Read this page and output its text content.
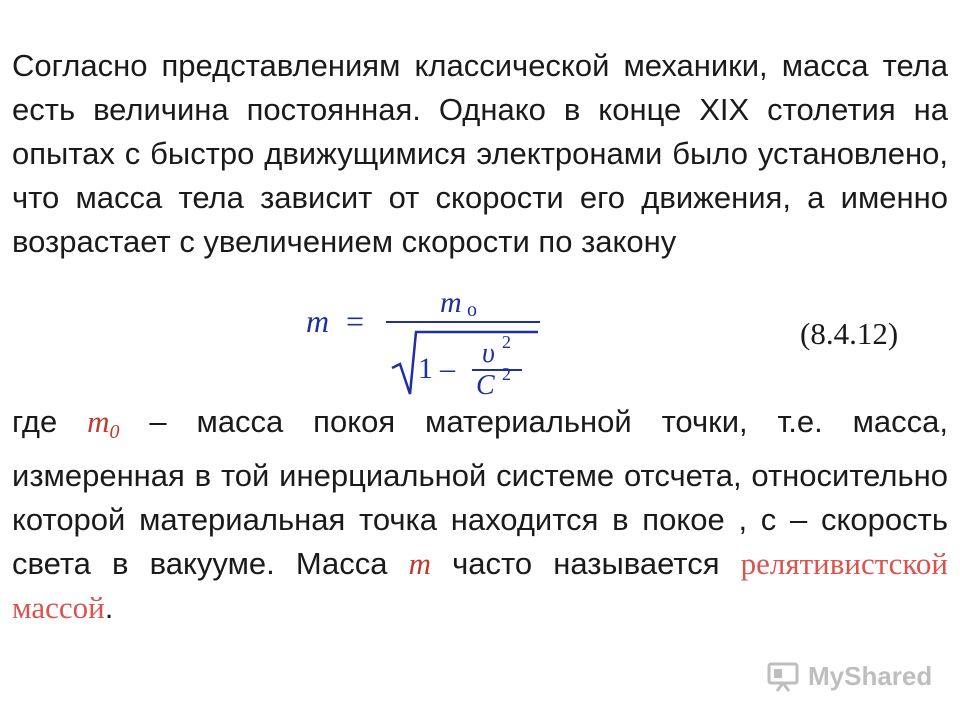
Согласно представлениям классической механики, масса тела есть величина постоянная. Однако в конце XIX столетия на опытах с быстро движущимися электронами было установлено, что масса тела зависит от скорости его движения, а именно возрастает с увеличением скорости по закону
m =
m o
1 – υ 2
C 2
(8.4.12)
где $m_0$ – масса покоя материальной точки, т.е. масса, измеренная в той инерциальной системе отсчета, относительно которой материальная точка находится в покое , с – скорость света в вакууме. Масса m часто называется релятивистской массой.
MyShared
